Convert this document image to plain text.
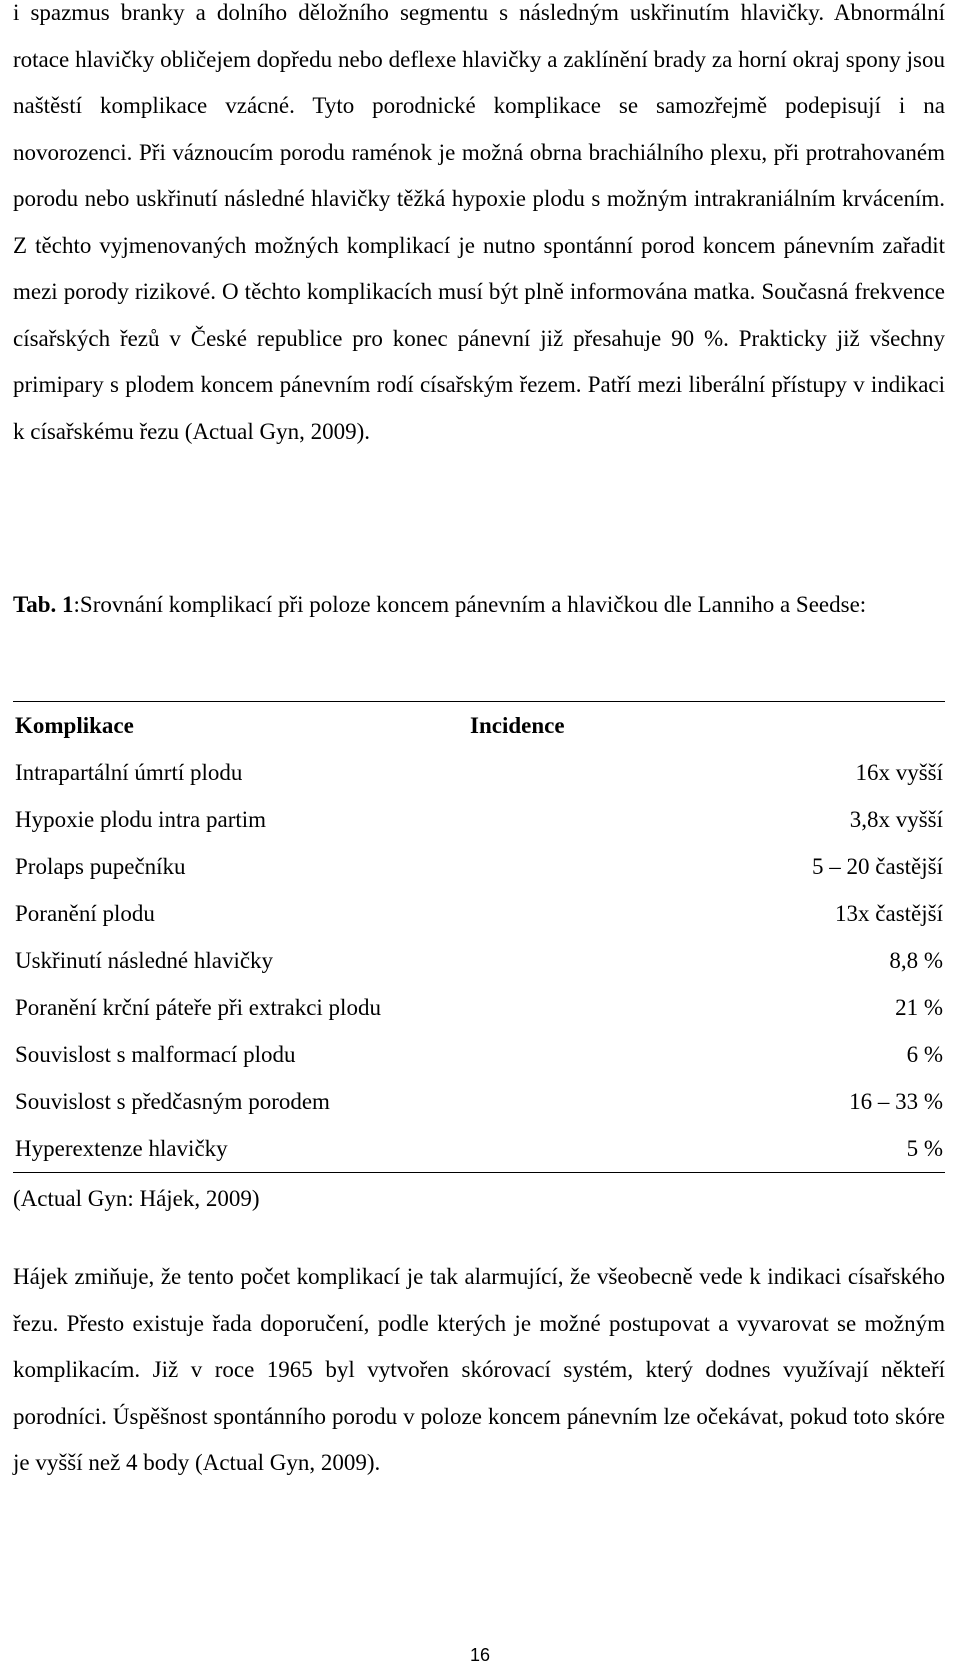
i spazmus branky a dolního děložního segmentu s následným uskřinutím hlavičky. Abnormální rotace hlavičky obličejem dopředu nebo deflexe hlavičky a zaklínění brady za horní okraj spony jsou naštěstí komplikace vzácné. Tyto porodnické komplikace se samozřejmě podepisují i na novorozenci. Při váznoucím porodu raménok je možná obrna brachiálního plexu, při protrahovaném porodu nebo uskřinutí následné hlavičky těžká hypoxie plodu s možným intrakraniálním krvácením. Z těchto vyjmenovaných možných komplikací je nutno spontánní porod koncem pánevním zařadit mezi porody rizikové. O těchto komplikacích musí být plně informována matka. Současná frekvence císařských řezů v České republice pro konec pánevní již přesahuje 90 %. Prakticky již všechny primipary s plodem koncem pánevním rodí císařským řezem. Patří mezi liberální přístupy v indikaci k císařskému řezu (Actual Gyn, 2009).

Tab. 1:Srovnání komplikací při poloze koncem pánevním a hlavičkou dle Lanniho a Seedse:

Komplikace	Incidence
Intrapartální úmrtí plodu	16x vyšší
Hypoxie plodu intra partim	3,8x vyšší
Prolaps pupečníku	5 – 20 častější
Poranění plodu	13x častější
Uskřinutí následné hlavičky	8,8 %
Poranění krční páteře při extrakci plodu	21 %
Souvislost s malformací plodu	6 %
Souvislost s předčasným porodem	16 – 33 %
Hyperextenze hlavičky	5 %
(Actual Gyn: Hájek, 2009)

Hájek zmiňuje, že tento počet komplikací je tak alarmující, že všeobecně vede k indikaci císařského řezu. Přesto existuje řada doporučení, podle kterých je možné postupovat a vyvarovat se možným komplikacím. Již v roce 1965 byl vytvořen skórovací systém, který dodnes využívají někteří porodníci. Úspěšnost spontánního porodu v poloze koncem pánevním lze očekávat, pokud toto skóre je vyšší než 4 body (Actual Gyn, 2009).

16
